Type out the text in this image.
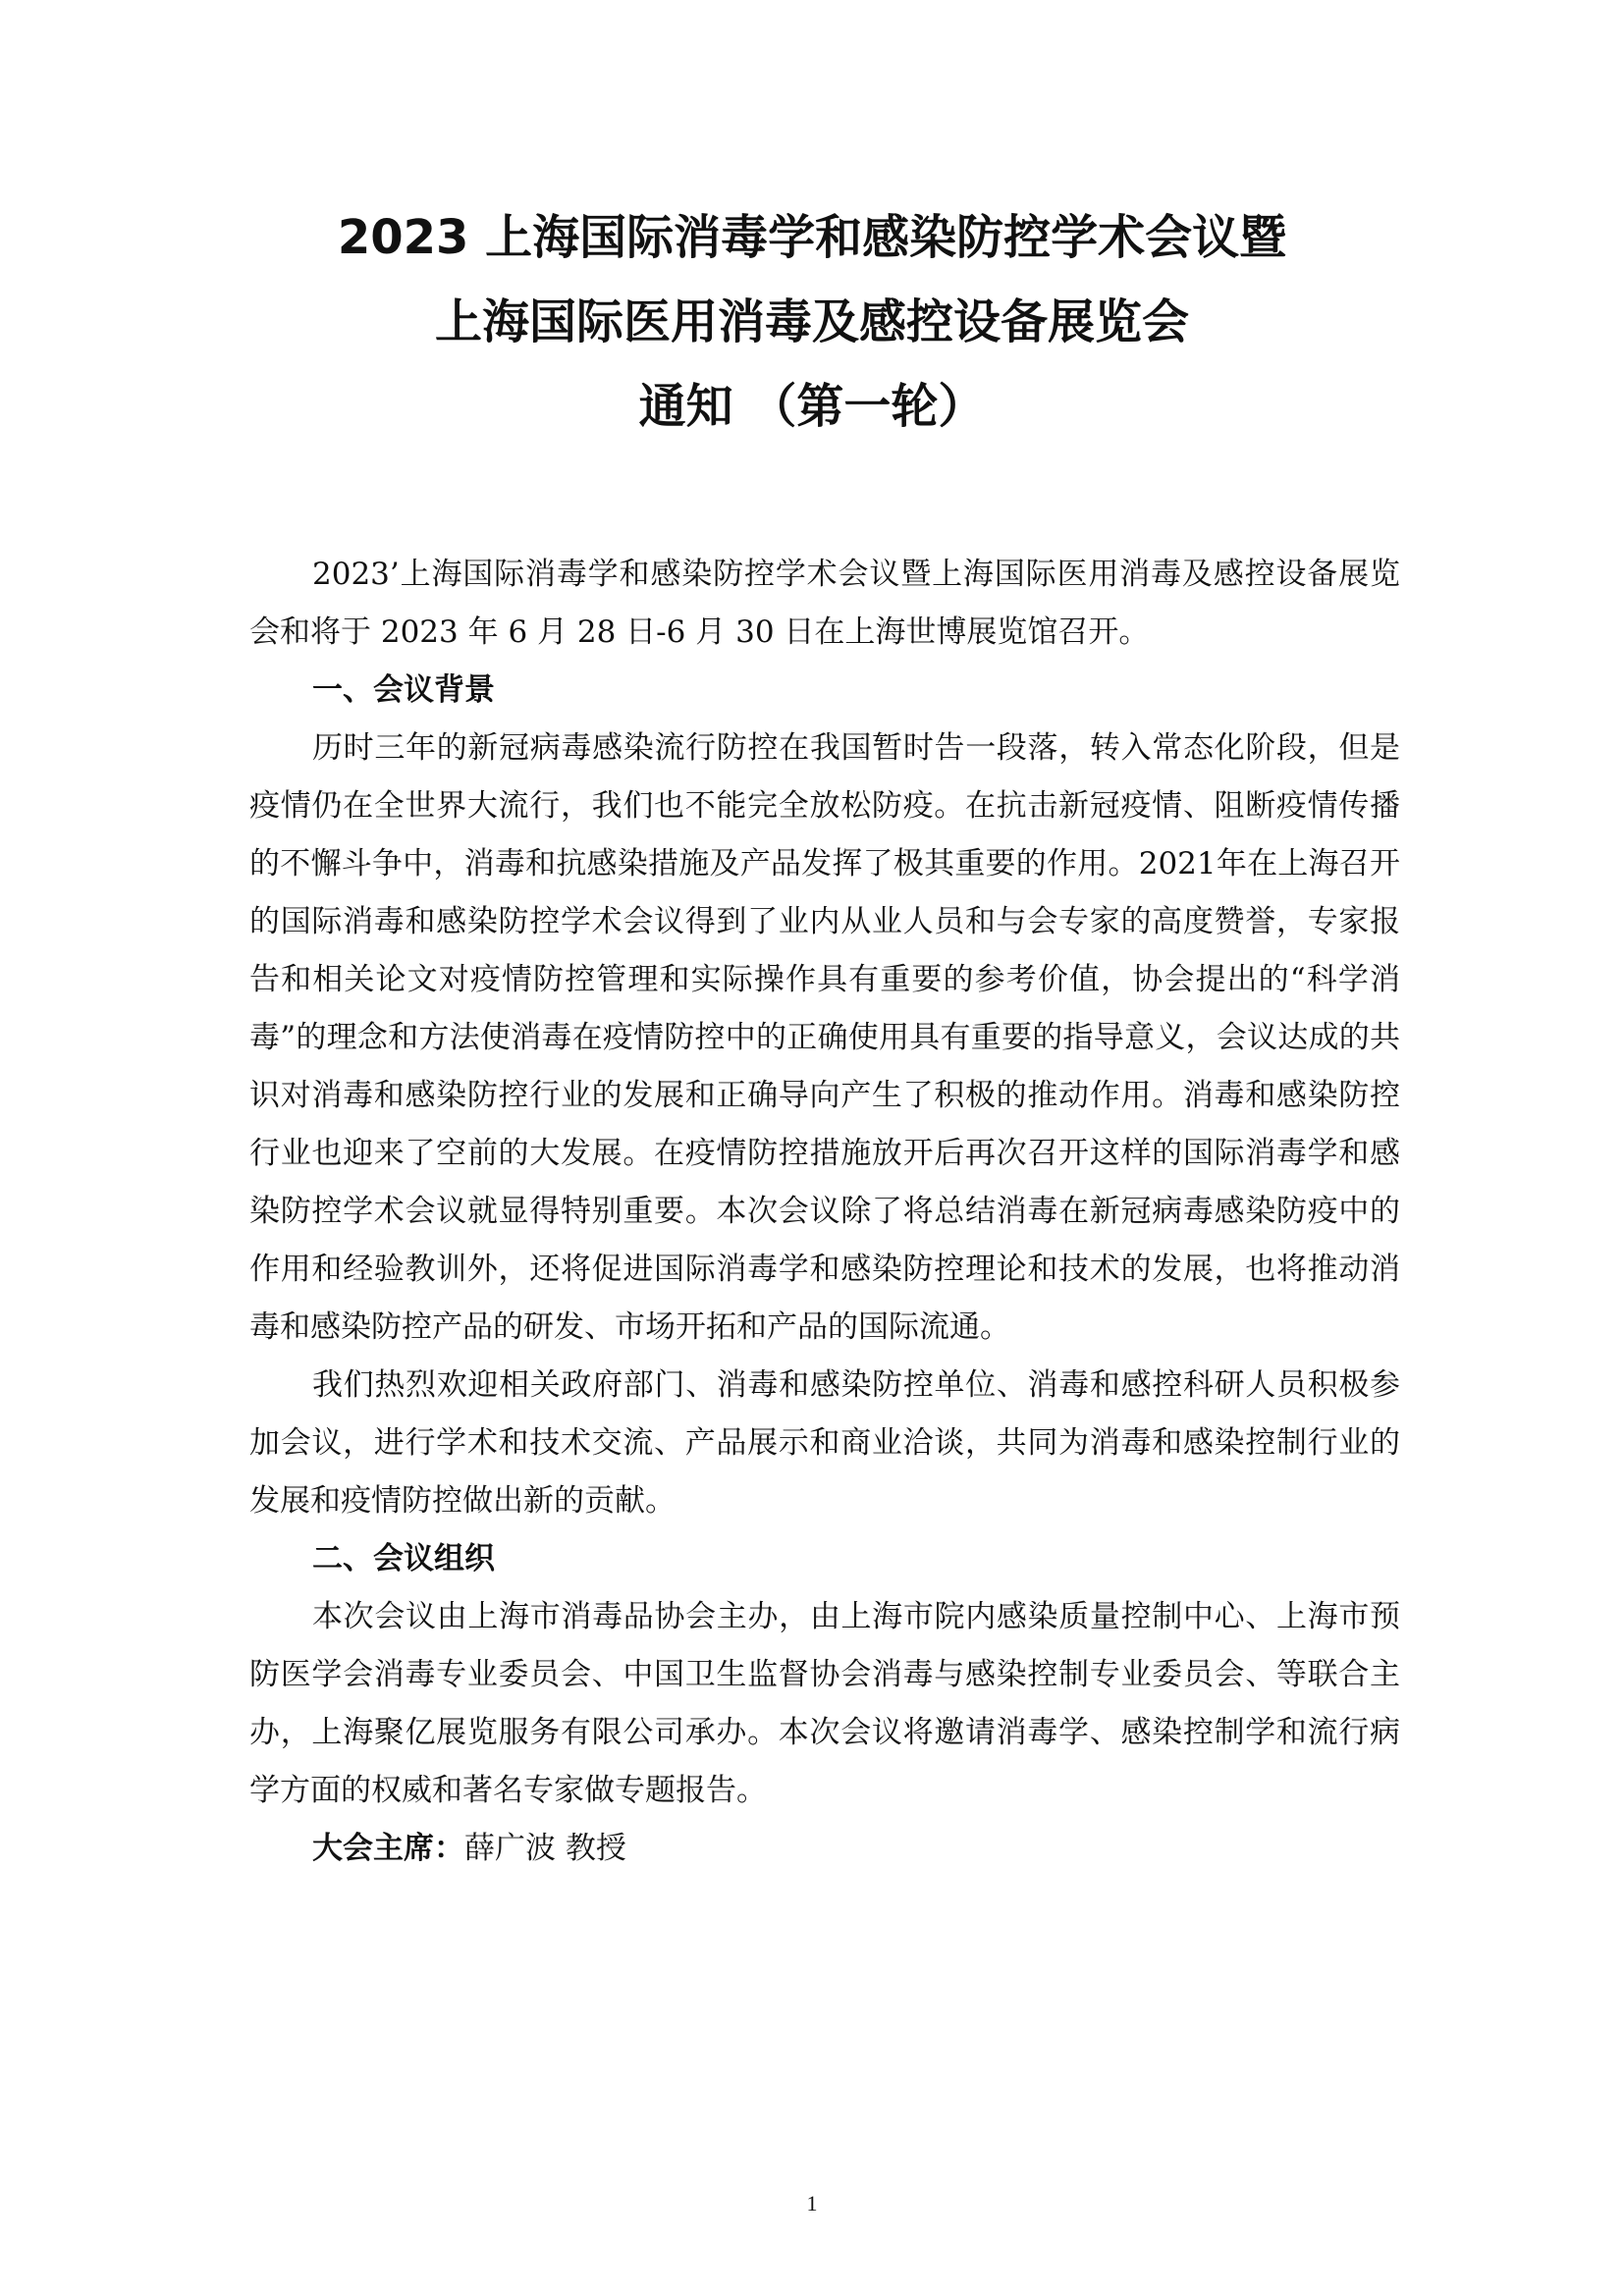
2023 上海国际消毒学和感染防控学术会议暨
上海国际医用消毒及感控设备展览会
通知 （第一轮）

2023’上海国际消毒学和感染防控学术会议暨上海国际医用消毒及感控设备展览会和将于 2023 年 6 月 28 日-6 月 30 日在上海世博展览馆召开。

一、会议背景

历时三年的新冠病毒感染流行防控在我国暂时告一段落，转入常态化阶段，但是疫情仍在全世界大流行，我们也不能完全放松防疫。在抗击新冠疫情、阻断疫情传播的不懈斗争中，消毒和抗感染措施及产品发挥了极其重要的作用。2021年在上海召开的国际消毒和感染防控学术会议得到了业内从业人员和与会专家的高度赞誉，专家报告和相关论文对疫情防控管理和实际操作具有重要的参考价值，协会提出的“科学消毒”的理念和方法使消毒在疫情防控中的正确使用具有重要的指导意义，会议达成的共识对消毒和感染防控行业的发展和正确导向产生了积极的推动作用。消毒和感染防控行业也迎来了空前的大发展。在疫情防控措施放开后再次召开这样的国际消毒学和感染防控学术会议就显得特别重要。本次会议除了将总结消毒在新冠病毒感染防疫中的作用和经验教训外，还将促进国际消毒学和感染防控理论和技术的发展，也将推动消毒和感染防控产品的研发、市场开拓和产品的国际流通。

我们热烈欢迎相关政府部门、消毒和感染防控单位、消毒和感控科研人员积极参加会议，进行学术和技术交流、产品展示和商业洽谈，共同为消毒和感染控制行业的发展和疫情防控做出新的贡献。

二、会议组织

本次会议由上海市消毒品协会主办，由上海市院内感染质量控制中心、上海市预防医学会消毒专业委员会、中国卫生监督协会消毒与感染控制专业委员会、等联合主办，上海聚亿展览服务有限公司承办。本次会议将邀请消毒学、感染控制学和流行病学方面的权威和著名专家做专题报告。

大会主席：薛广波 教授
1
